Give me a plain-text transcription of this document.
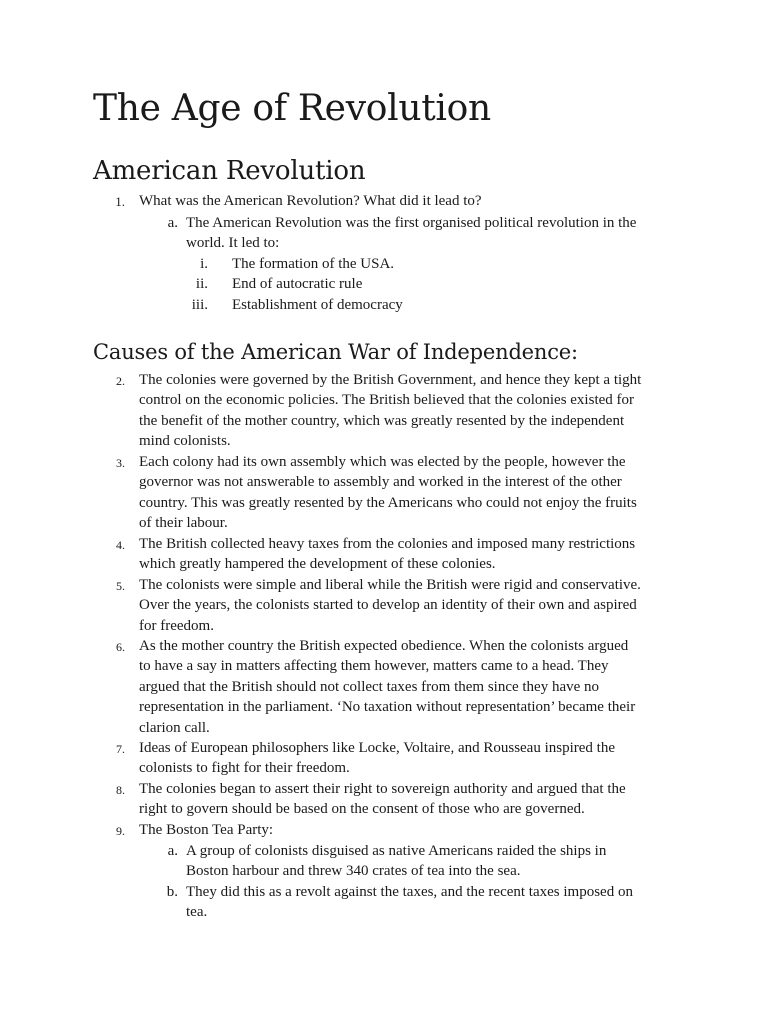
The Age of Revolution
American Revolution
1. What was the American Revolution? What did it lead to?
a. The American Revolution was the first organised political revolution in the
world. It led to:
i. The formation of the USA.
ii. End of autocratic rule
iii. Establishment of democracy
Causes of the American War of Independence:
2. The colonies were governed by the British Government, and hence they kept a tight
control on the economic policies. The British believed that the colonies existed for
the benefit of the mother country, which was greatly resented by the independent
mind colonists.
3. Each colony had its own assembly which was elected by the people, however the
governor was not answerable to assembly and worked in the interest of the other
country. This was greatly resented by the Americans who could not enjoy the fruits
of their labour.
4. The British collected heavy taxes from the colonies and imposed many restrictions
which greatly hampered the development of these colonies.
5. The colonists were simple and liberal while the British were rigid and conservative.
Over the years, the colonists started to develop an identity of their own and aspired
for freedom.
6. As the mother country the British expected obedience. When the colonists argued
to have a say in matters affecting them however, matters came to a head. They
argued that the British should not collect taxes from them since they have no
representation in the parliament. ‘No taxation without representation’ became their
clarion call.
7. Ideas of European philosophers like Locke, Voltaire, and Rousseau inspired the
colonists to fight for their freedom.
8. The colonies began to assert their right to sovereign authority and argued that the
right to govern should be based on the consent of those who are governed.
9. The Boston Tea Party:
a. A group of colonists disguised as native Americans raided the ships in
Boston harbour and threw 340 crates of tea into the sea.
b. They did this as a revolt against the taxes, and the recent taxes imposed on
tea.
